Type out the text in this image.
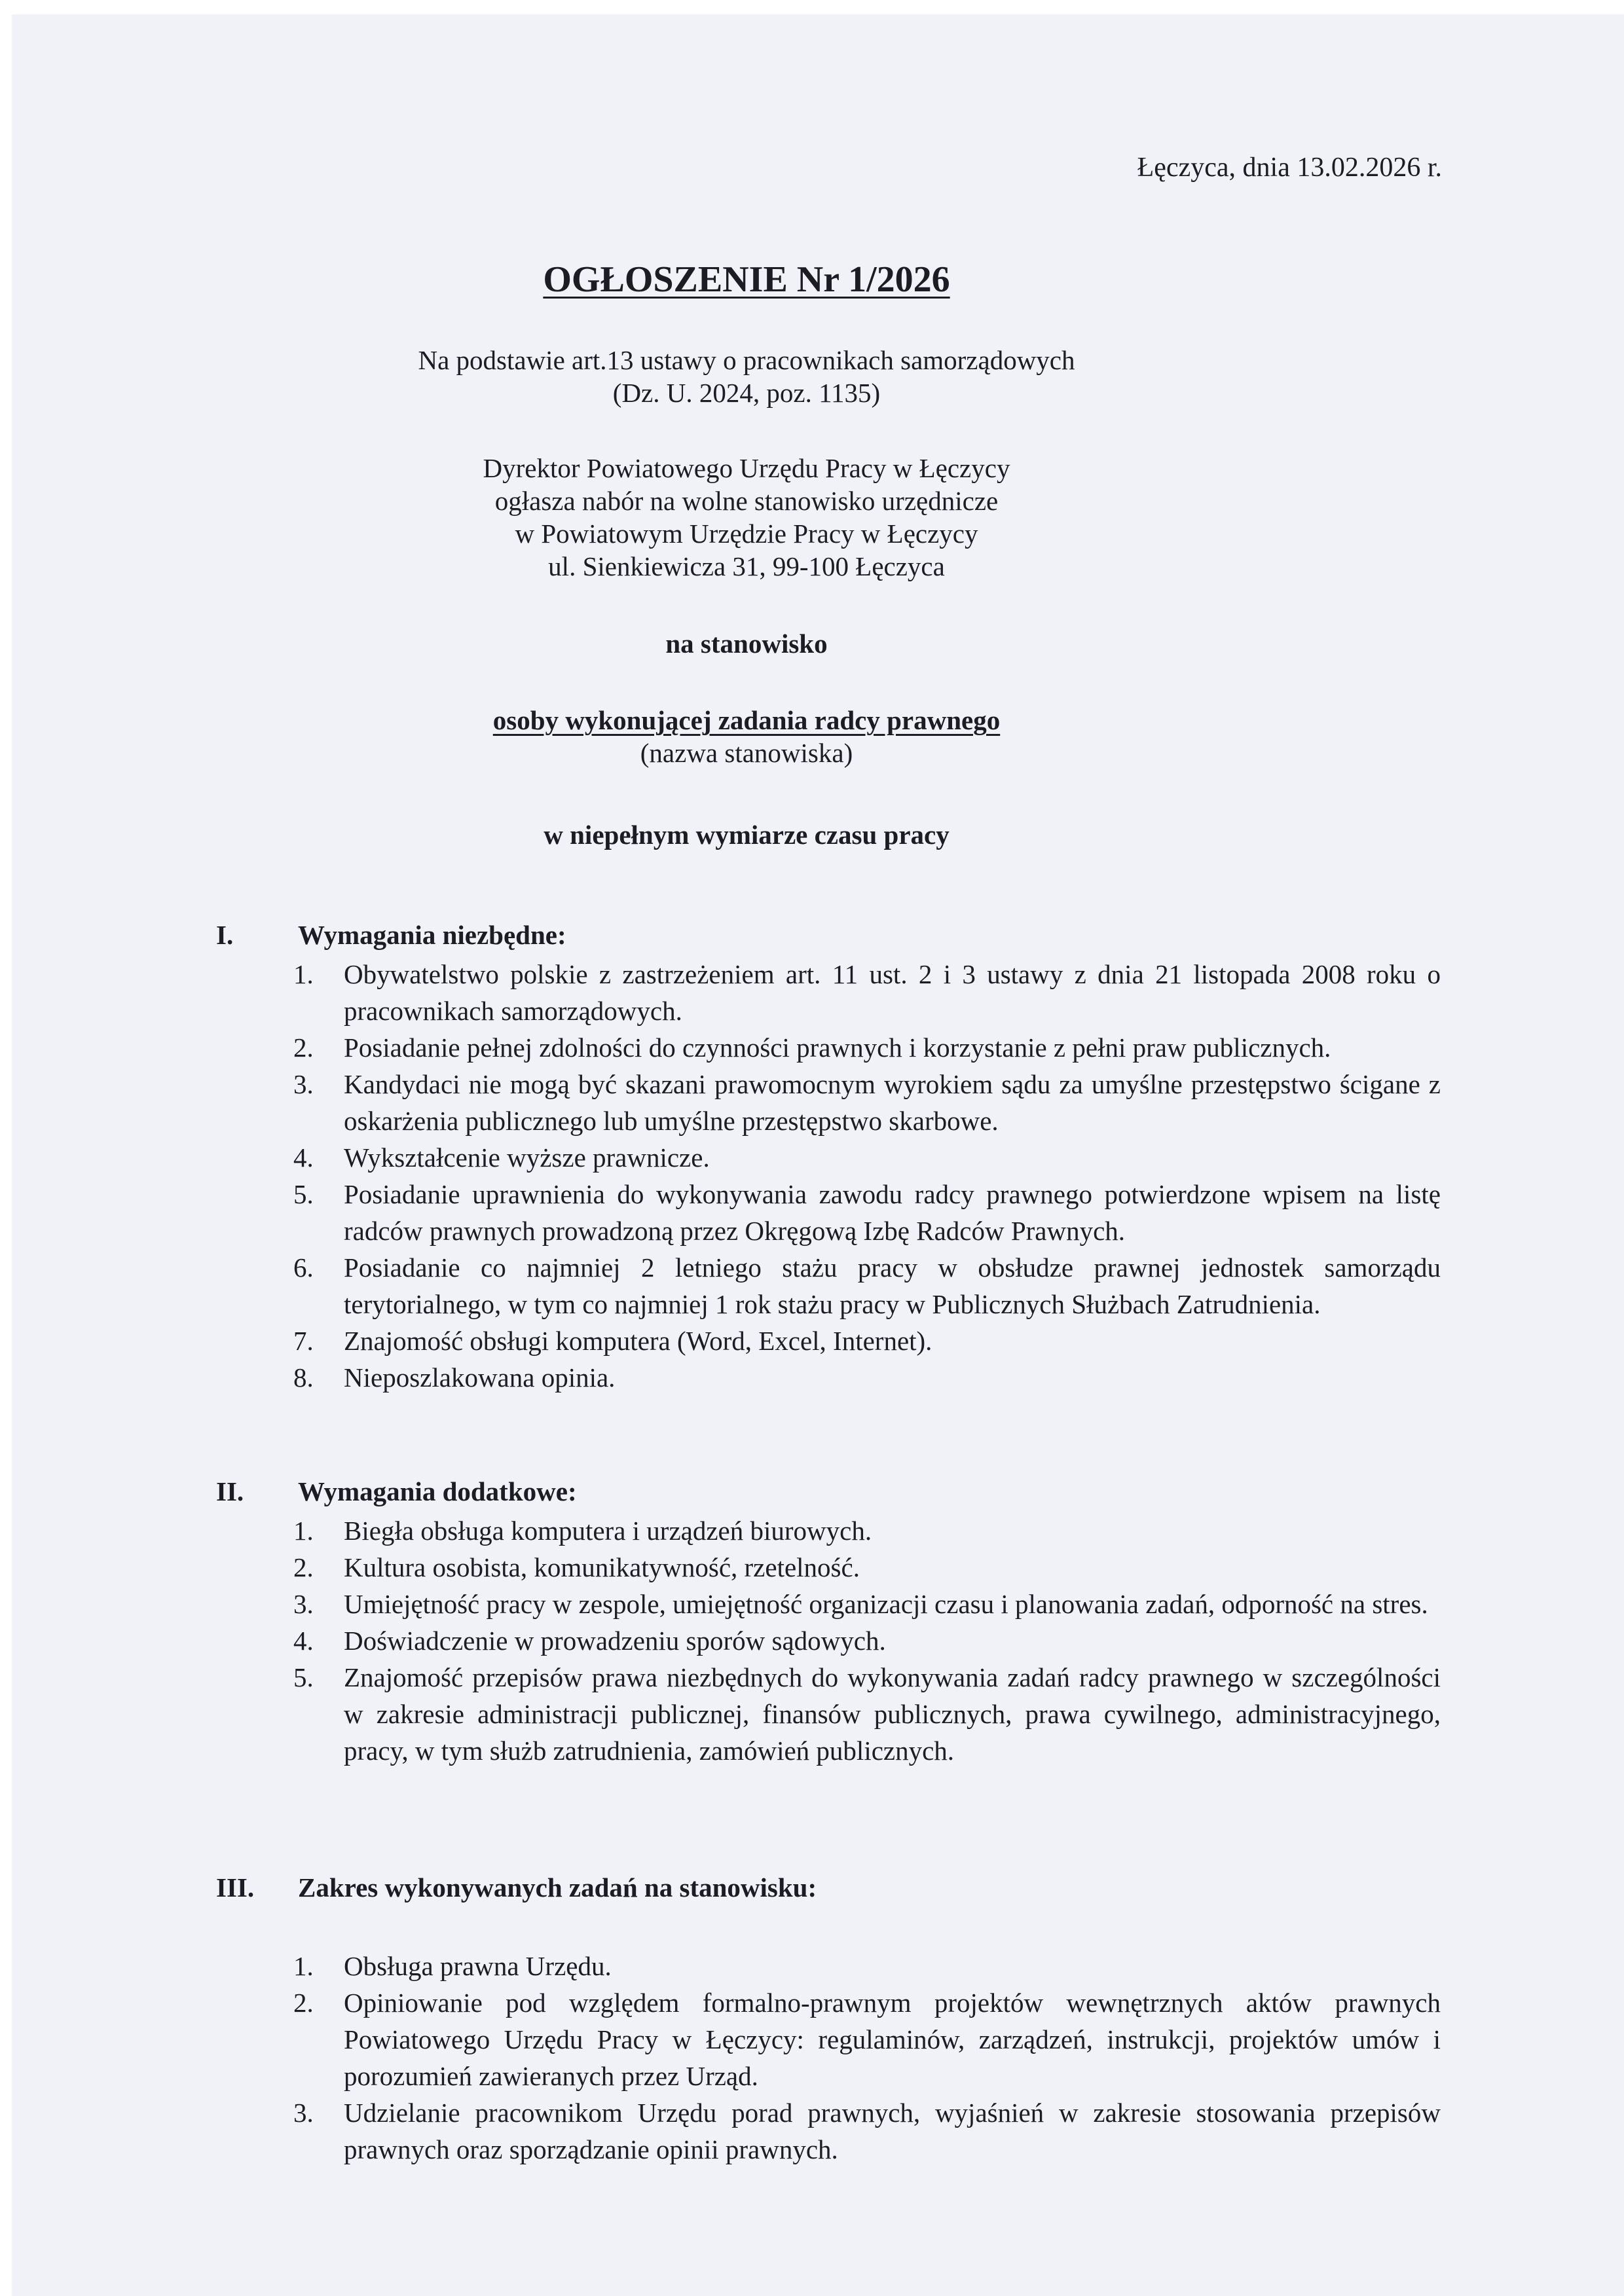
Łęczyca, dnia 13.02.2026 r.
OGŁOSZENIE Nr 1/2026
Na podstawie art.13 ustawy o pracownikach samorządowych
(Dz. U. 2024, poz. 1135)
Dyrektor Powiatowego Urzędu Pracy w Łęczycy
ogłasza nabór na wolne stanowisko urzędnicze
w Powiatowym Urzędzie Pracy w Łęczycy
ul. Sienkiewicza 31, 99-100 Łęczyca
na stanowisko
osoby wykonującej zadania radcy prawnego
(nazwa stanowiska)
w niepełnym wymiarze czasu pracy
I. Wymagania niezbędne:
1. Obywatelstwo polskie z zastrzeżeniem art. 11 ust. 2 i 3 ustawy z dnia 21 listopada 2008 roku o pracownikach samorządowych.
2. Posiadanie pełnej zdolności do czynności prawnych i korzystanie z pełni praw publicznych.
3. Kandydaci nie mogą być skazani prawomocnym wyrokiem sądu za umyślne przestępstwo ścigane z oskarżenia publicznego lub umyślne przestępstwo skarbowe.
4. Wykształcenie wyższe prawnicze.
5. Posiadanie uprawnienia do wykonywania zawodu radcy prawnego potwierdzone wpisem na listę radców prawnych prowadzoną przez Okręgową Izbę Radców Prawnych.
6. Posiadanie co najmniej 2 letniego stażu pracy w obsłudze prawnej jednostek samorządu terytorialnego, w tym co najmniej 1 rok stażu pracy w Publicznych Służbach Zatrudnienia.
7. Znajomość obsługi komputera (Word, Excel, Internet).
8. Nieposzlakowana opinia.
II. Wymagania dodatkowe:
1. Biegła obsługa komputera i urządzeń biurowych.
2. Kultura osobista, komunikatywność, rzetelność.
3. Umiejętność pracy w zespole, umiejętność organizacji czasu i planowania zadań, odporność na stres.
4. Doświadczenie w prowadzeniu sporów sądowych.
5. Znajomość przepisów prawa niezbędnych do wykonywania zadań radcy prawnego w szczególności w zakresie administracji publicznej, finansów publicznych, prawa cywilnego, administracyjnego, pracy, w tym służb zatrudnienia, zamówień publicznych.
III. Zakres wykonywanych zadań na stanowisku:
1. Obsługa prawna Urzędu.
2. Opiniowanie pod względem formalno-prawnym projektów wewnętrznych aktów prawnych Powiatowego Urzędu Pracy w Łęczycy: regulaminów, zarządzeń, instrukcji, projektów umów i porozumień zawieranych przez Urząd.
3. Udzielanie pracownikom Urzędu porad prawnych, wyjaśnień w zakresie stosowania przepisów prawnych oraz sporządzanie opinii prawnych.
